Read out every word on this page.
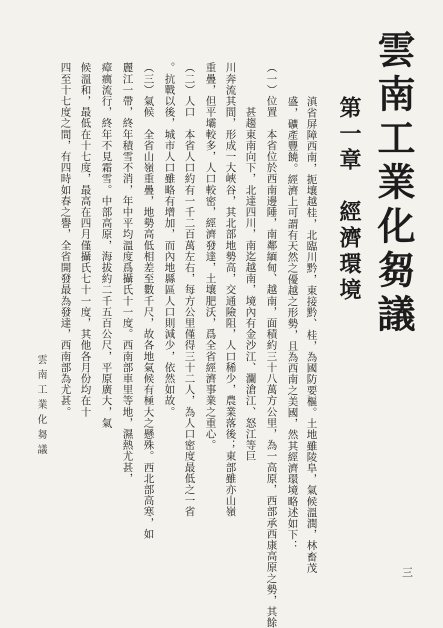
雲南工業化芻議
第一章　經濟環境
滇省屏障西南，扼壤越桂，北臨川黔，東接黔、桂，為國防要樞。土地雖陵阜，氣候溫潤，林畜茂
盛，礦產豐饒。經濟上可謂有天然之優越之形勢，且為西南之美國，然其經濟環境略述如下：
（一）位置　本省位於西南邊陲，南鄰緬甸、越南，面積約三十八萬方公里，為一高原，西部承西康高原之勢，其餘
　　　　甚趨東南向下，北達四川，南迄越南，境內有金沙江、瀾滄江、怒江等巨
川奔流其間，形成一大峽谷，其北部地勢高，交通險阻，人口稀少，農業落後；東部雖亦山嶺
重疊，但平壩較多，人口較密，經濟發達，土壤肥沃，爲全省經濟事業之重心。
（二）人口　本省人口約有一千二百萬左右，每方公里僅得三十二人，為人口密度最低之一省
。抗戰以後，城市人口雖略有增加，而內地縣區人口則減少，依然如故。
（三）氣候　全省山嶺重疊，地勢高低相差至數千尺，故各地氣候有極大之懸殊。西北部高寒，如
麗江一帶，終年積雪不消，年中平均溫度爲攝氏十一度。西南部車里等地，濕熱尤甚，
瘴癘流行，終年不見霜雪。中部高原，海拔約二千五百公尺，平原廣大，氣
候溫和，最低在十七度，最高在四月僅攝氏七十一度，其他各月份均在十
四至十七度之間，有四時如春之譽，全省開發最為發達，西南部為尤甚。
雲南工業化芻議
三
